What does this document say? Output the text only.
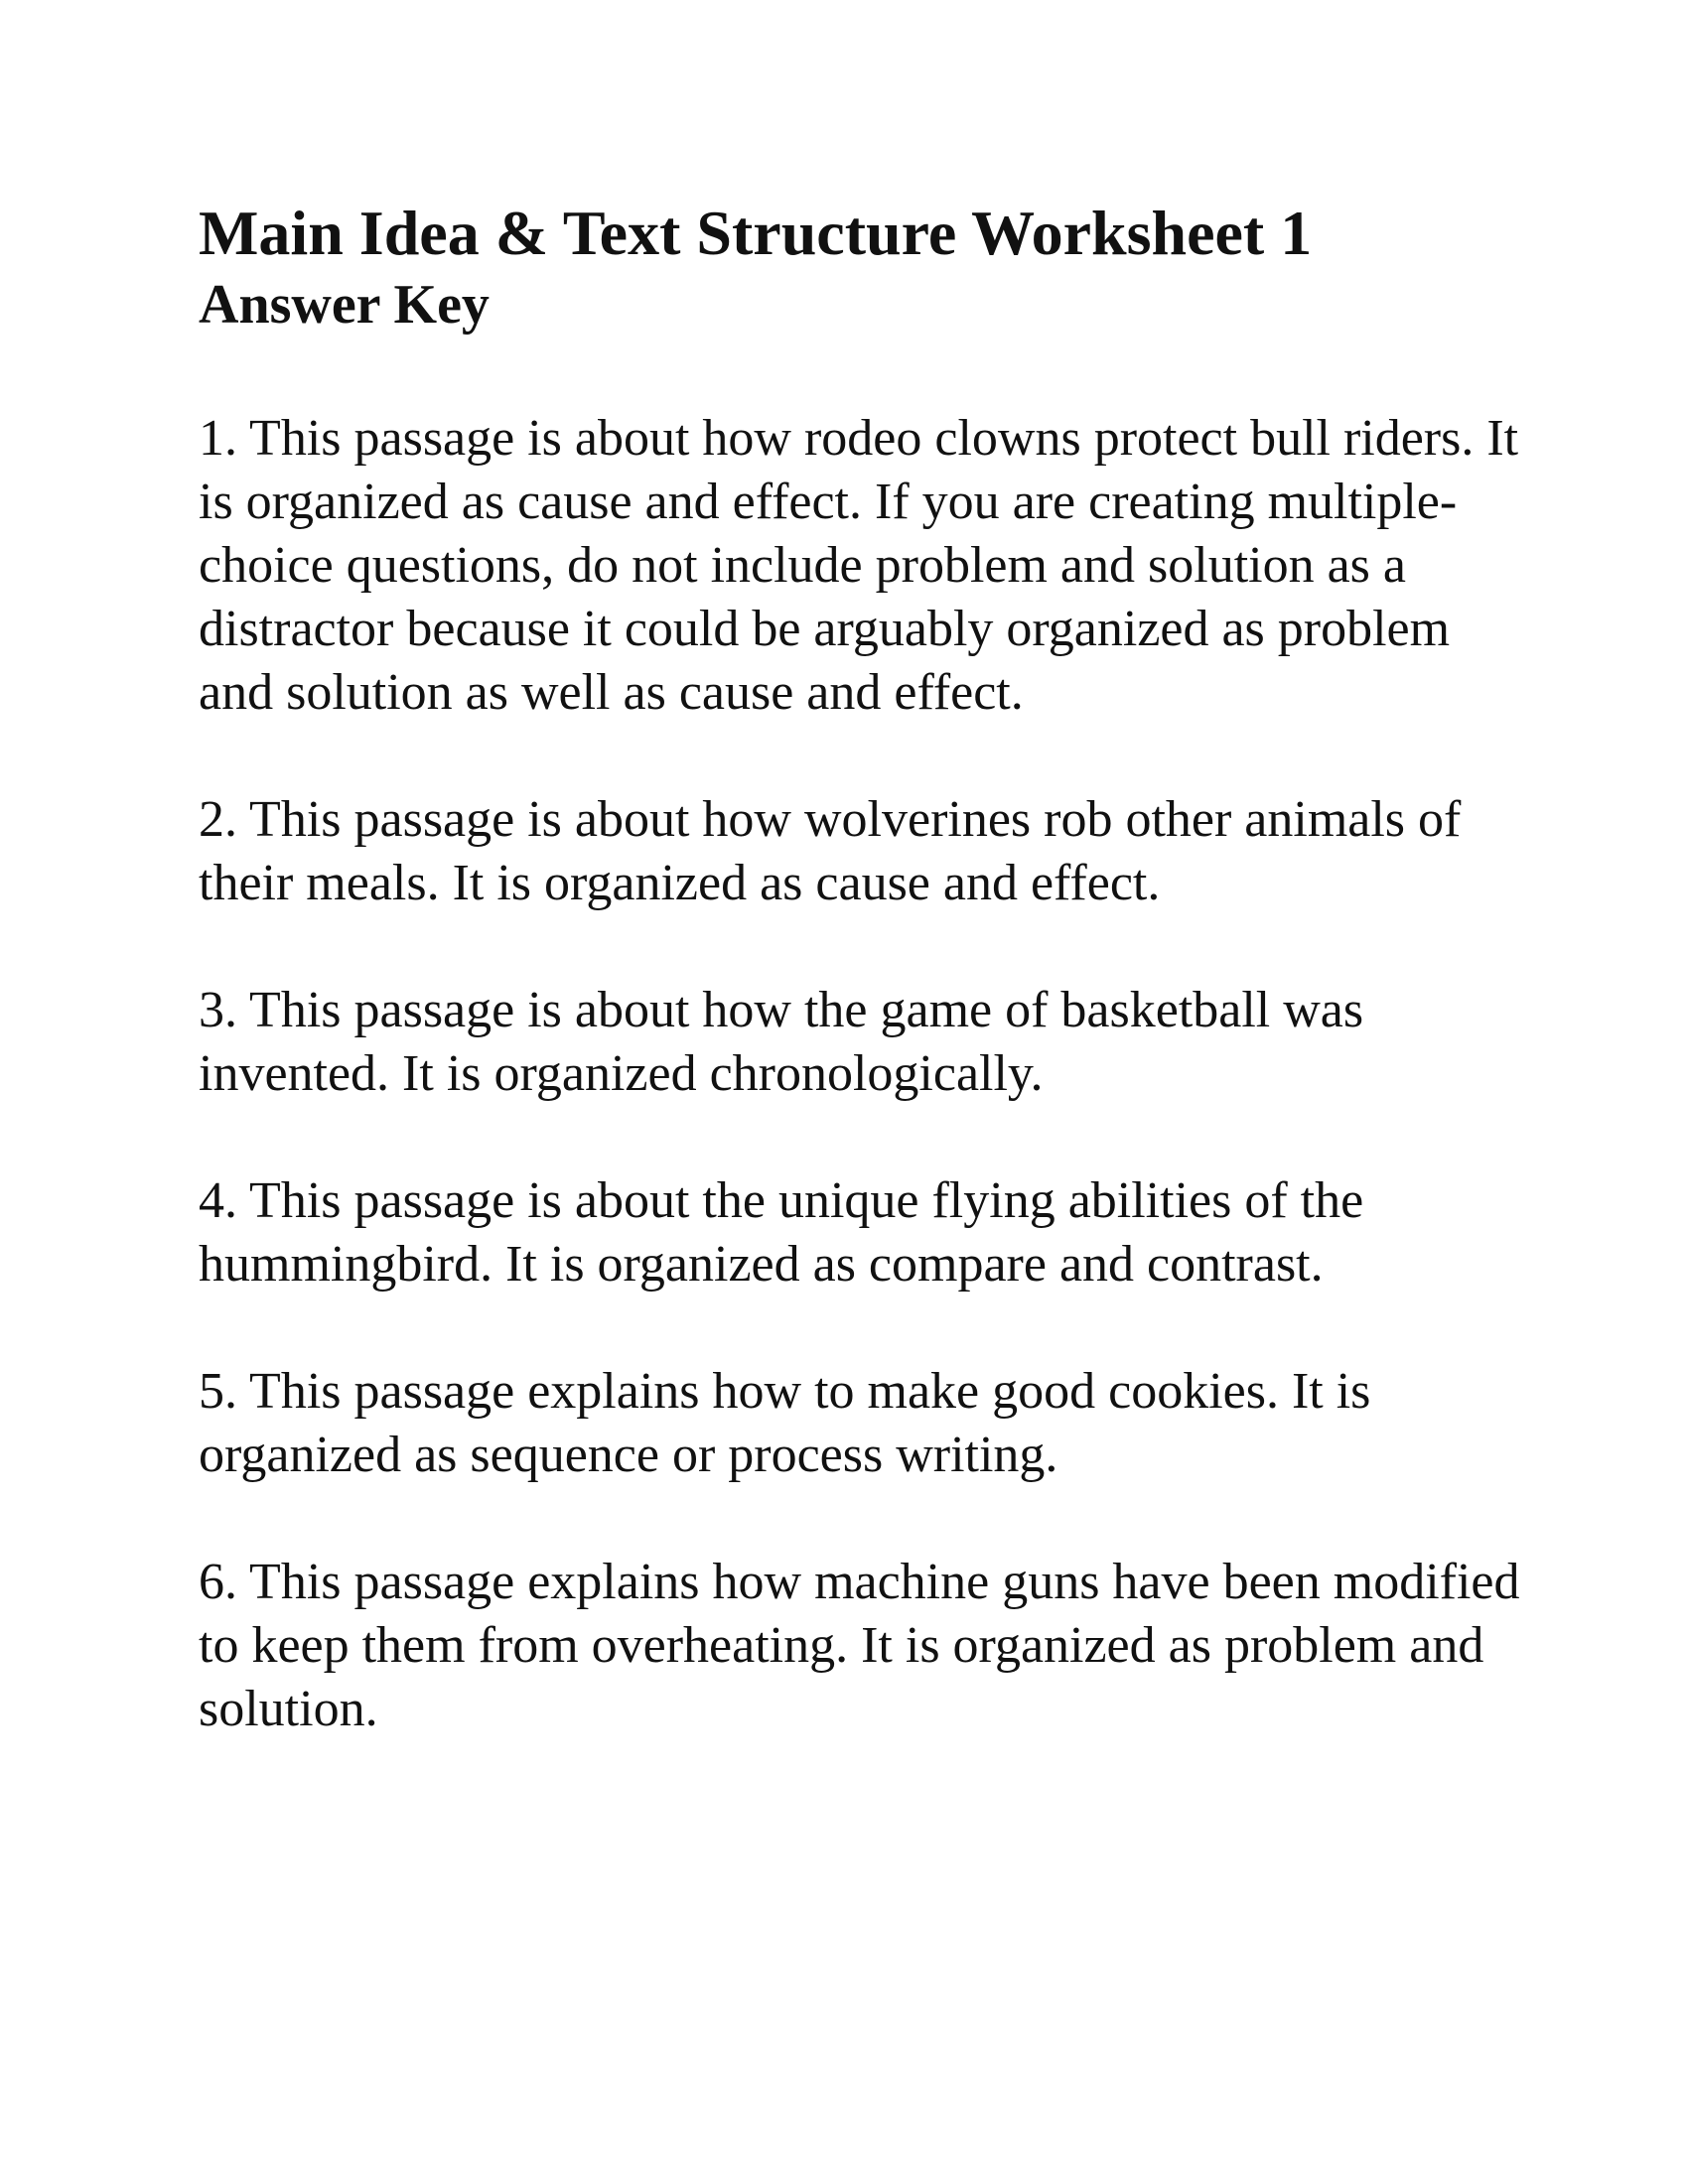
Main Idea & Text Structure Worksheet 1
Answer Key

1. This passage is about how rodeo clowns protect bull riders. It is organized as cause and effect. If you are creating multiple-choice questions, do not include problem and solution as a distractor because it could be arguably organized as problem and solution as well as cause and effect.

2. This passage is about how wolverines rob other animals of their meals. It is organized as cause and effect.

3. This passage is about how the game of basketball was invented. It is organized chronologically.

4. This passage is about the unique flying abilities of the hummingbird. It is organized as compare and contrast.

5. This passage explains how to make good cookies. It is organized as sequence or process writing.

6. This passage explains how machine guns have been modified to keep them from overheating. It is organized as problem and solution.
